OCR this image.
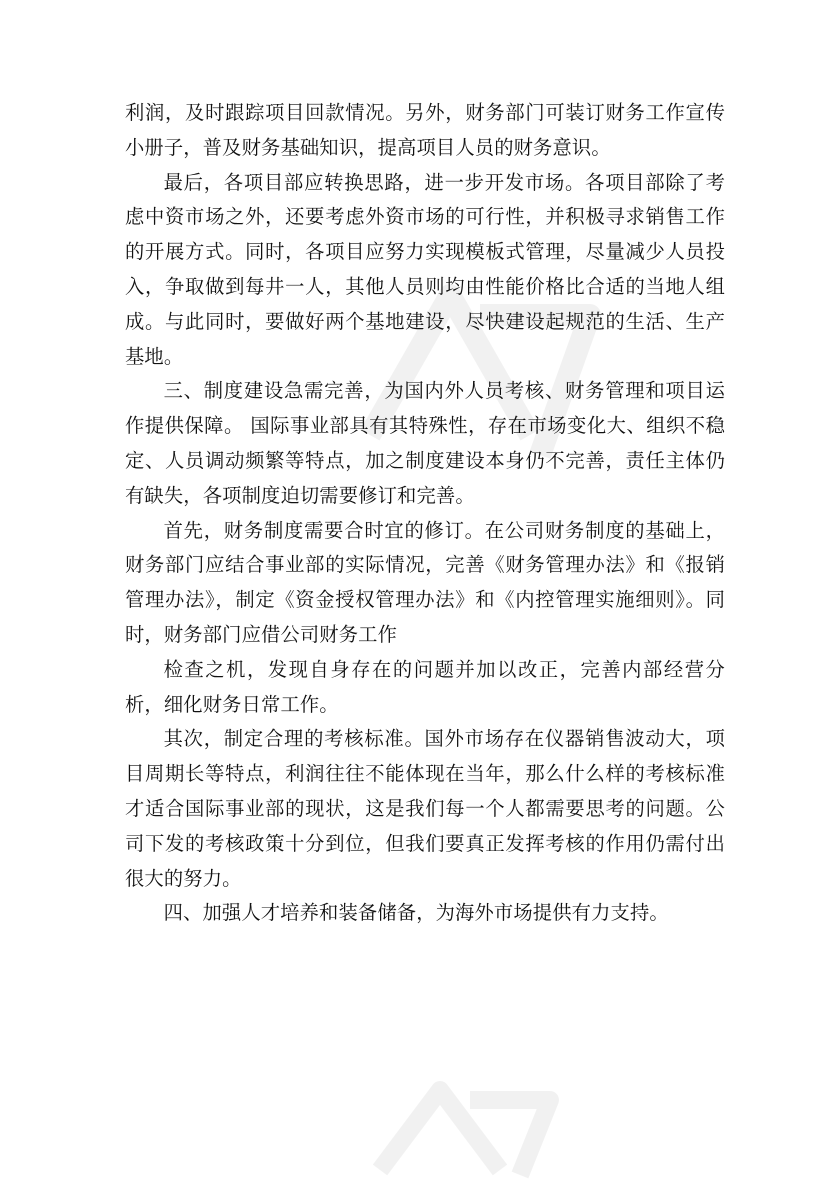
利润，及时跟踪项目回款情况。另外，财务部门可装订财务工作宣传小册子，普及财务基础知识，提高项目人员的财务意识。

最后，各项目部应转换思路，进一步开发市场。各项目部除了考虑中资市场之外，还要考虑外资市场的可行性，并积极寻求销售工作的开展方式。同时，各项目应努力实现模板式管理，尽量减少人员投入，争取做到每井一人，其他人员则均由性能价格比合适的当地人组成。与此同时，要做好两个基地建设，尽快建设起规范的生活、生产基地。

三、制度建设急需完善，为国内外人员考核、财务管理和项目运作提供保障。 国际事业部具有其特殊性，存在市场变化大、组织不稳定、人员调动频繁等特点，加之制度建设本身仍不完善，责任主体仍有缺失，各项制度迫切需要修订和完善。

首先，财务制度需要合时宜的修订。在公司财务制度的基础上，财务部门应结合事业部的实际情况，完善《财务管理办法》和《报销管理办法》，制定《资金授权管理办法》和《内控管理实施细则》。同时，财务部门应借公司财务工作

检查之机，发现自身存在的问题并加以改正，完善内部经营分析，细化财务日常工作。

其次，制定合理的考核标准。国外市场存在仪器销售波动大，项目周期长等特点，利润往往不能体现在当年，那么什么样的考核标准才适合国际事业部的现状，这是我们每一个人都需要思考的问题。公司下发的考核政策十分到位，但我们要真正发挥考核的作用仍需付出很大的努力。

四、加强人才培养和装备储备，为海外市场提供有力支持。
